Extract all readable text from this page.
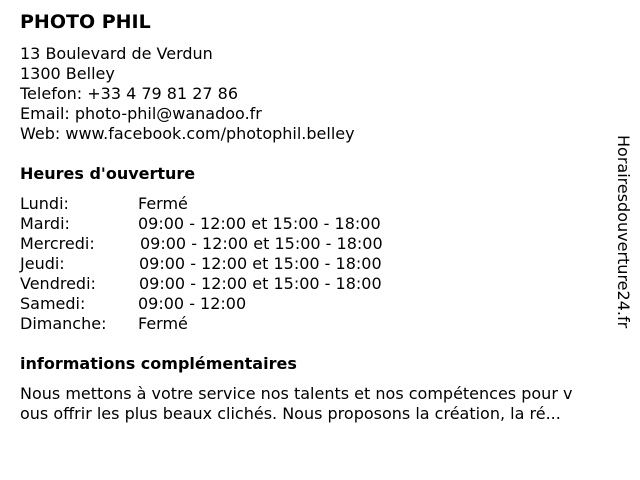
PHOTO PHIL
13 Boulevard de Verdun
1300 Belley
Telefon: +33 4 79 81 27 86
Email: photo-phil@wanadoo.fr
Web: www.facebook.com/photophil.belley
Heures d'ouverture
Lundi:	Fermé
Mardi:	09:00 - 12:00 et 15:00 - 18:00
Mercredi:	09:00 - 12:00 et 15:00 - 18:00
Jeudi:	09:00 - 12:00 et 15:00 - 18:00
Vendredi:	09:00 - 12:00 et 15:00 - 18:00
Samedi:	09:00 - 12:00
Dimanche: Fermé
informations complémentaires
Nous mettons à votre service nos talents et nos compétences pour v
ous offrir les plus beaux clichés. Nous proposons la création, la ré...
Horairesdouverture24.fr
